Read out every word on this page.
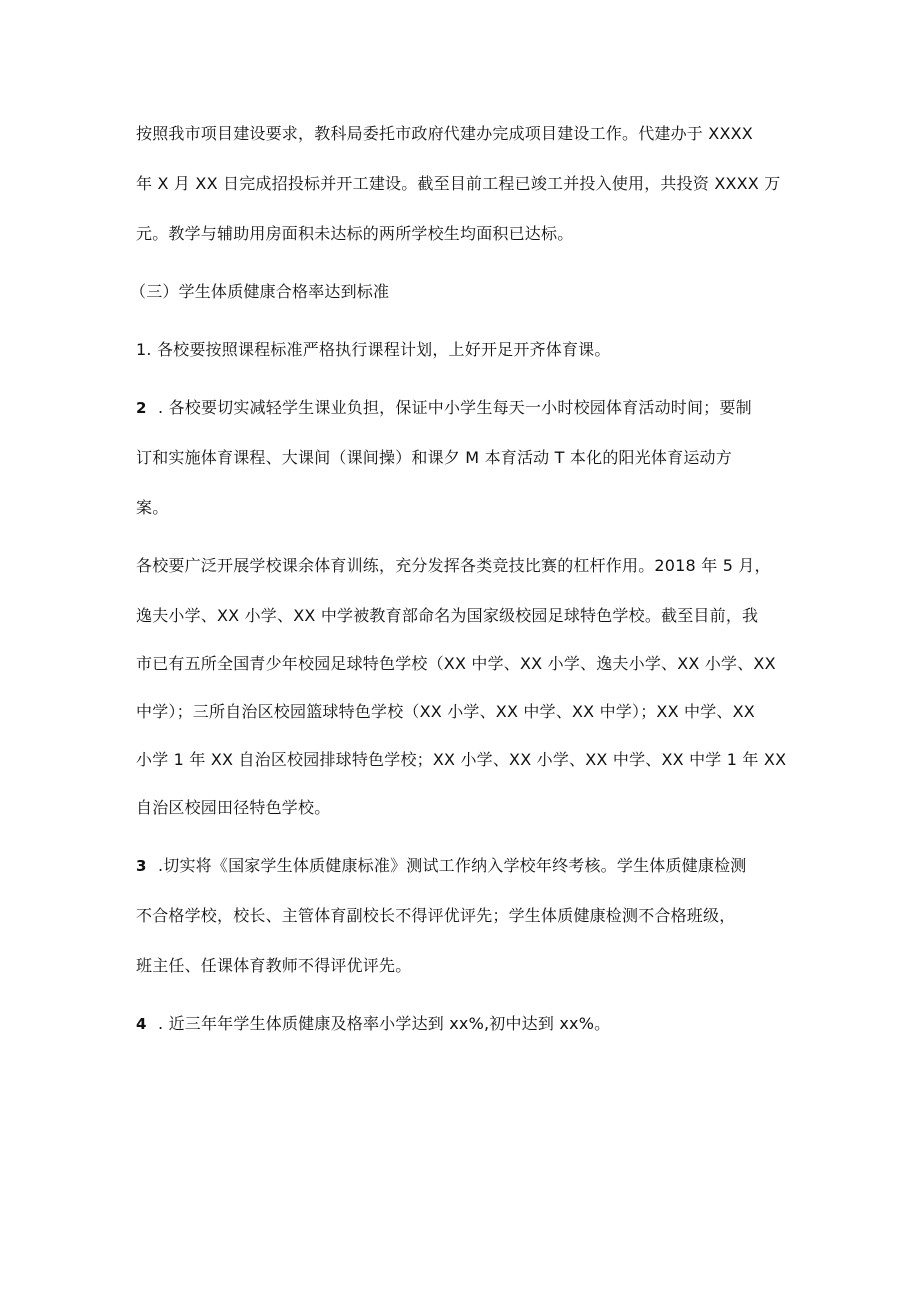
按照我市项目建设要求，教科局委托市政府代建办完成项目建设工作。代建办于 XXXX
年 X 月 XX 日完成招投标并开工建设。截至目前工程已竣工并投入使用，共投资 XXXX 万
元。教学与辅助用房面积未达标的两所学校生均面积已达标。
（三）学生体质健康合格率达到标准
1. 各校要按照课程标准严格执行课程计划，上好开足开齐体育课。
2 . 各校要切实减轻学生课业负担，保证中小学生每天一小时校园体育活动时间；要制
订和实施体育课程、大课间（课间操）和课夕 M 本育活动 T 本化的阳光体育运动方
案。
各校要广泛开展学校课余体育训练，充分发挥各类竞技比赛的杠杆作用。2018 年 5 月，
逸夫小学、XX 小学、XX 中学被教育部命名为国家级校园足球特色学校。截至目前，我
市已有五所全国青少年校园足球特色学校（XX 中学、XX 小学、逸夫小学、XX 小学、XX
中学）；三所自治区校园篮球特色学校（XX 小学、XX 中学、XX 中学）；XX 中学、XX
小学 1 年 XX 自治区校园排球特色学校；XX 小学、XX 小学、XX 中学、XX 中学 1 年 XX
自治区校园田径特色学校。
3 .切实将《国家学生体质健康标准》测试工作纳入学校年终考核。学生体质健康检测
不合格学校，校长、主管体育副校长不得评优评先；学生体质健康检测不合格班级，
班主任、任课体育教师不得评优评先。
4 . 近三年年学生体质健康及格率小学达到 xx%,初中达到 xx%。
